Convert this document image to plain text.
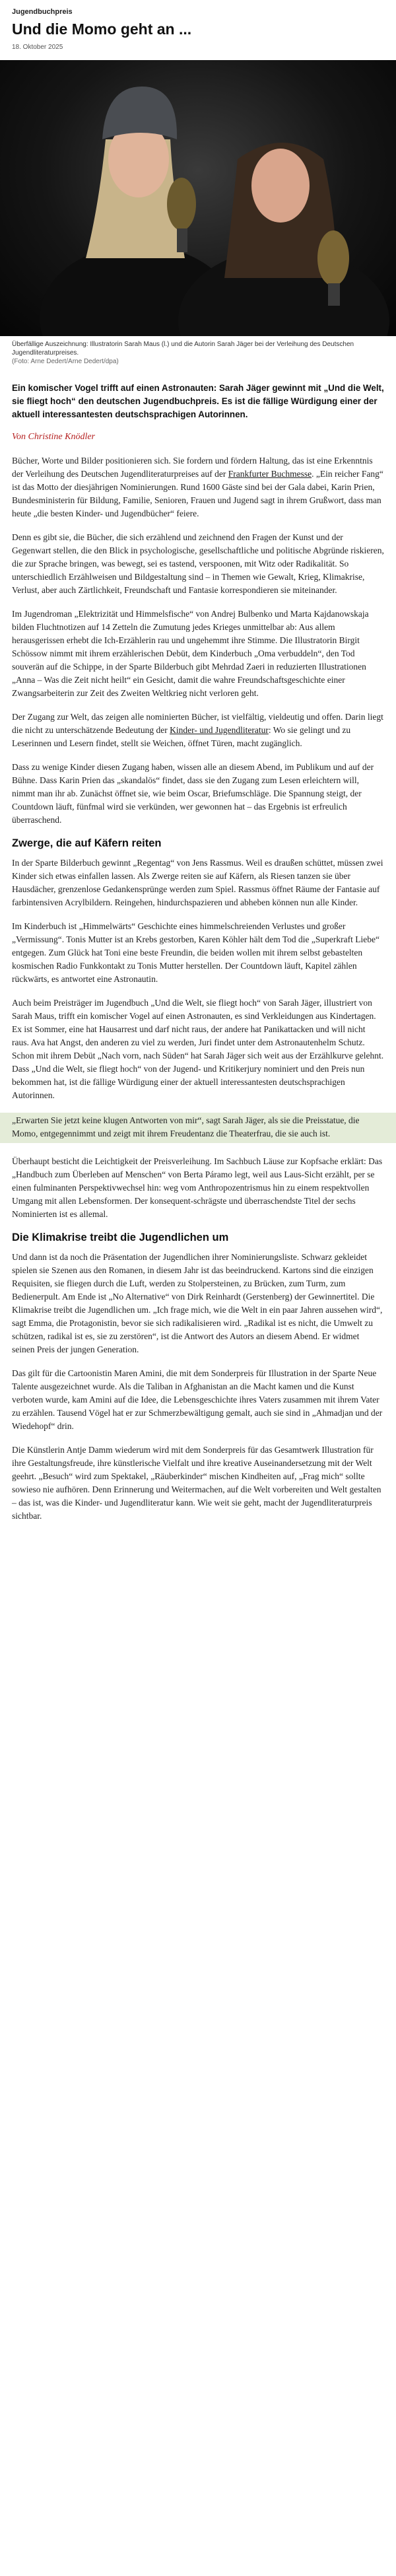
Jugendbuchpreis
Und die Momo geht an ...
18. Oktober 2025
Überfällige Auszeichnung: Illustratorin Sarah Maus (l.) und die Autorin Sarah Jäger bei der Verleihung des Deutschen Jugendliteraturpreises.
(Foto: Arne Dedert/Arne Dedert/dpa)

Ein komischer Vogel trifft auf einen Astronauten: Sarah Jäger gewinnt mit „Und die Welt, sie fliegt hoch“ den deutschen Jugendbuchpreis. Es ist die fällige Würdigung einer der aktuell interessantesten deutschsprachigen Autorinnen.

Von Christine Knödler

Bücher, Worte und Bilder positionieren sich. Sie fordern und fördern Haltung, das ist eine Erkenntnis der Verleihung des Deutschen Jugendliteraturpreises auf der Frankfurter Buchmesse. „Ein reicher Fang“ ist das Motto der diesjährigen Nominierungen. Rund 1600 Gäste sind bei der Gala dabei, Karin Prien, Bundesministerin für Bildung, Familie, Senioren, Frauen und Jugend sagt in ihrem Grußwort, dass man heute „die besten Kinder- und Jugendbücher“ feiere.

Denn es gibt sie, die Bücher, die sich erzählend und zeichnend den Fragen der Kunst und der Gegenwart stellen, die den Blick in psychologische, gesellschaftliche und politische Abgründe riskieren, die zur Sprache bringen, was bewegt, sei es tastend, verspoonen, mit Witz oder Radikalität. So unterschiedlich Erzählweisen und Bildgestaltung sind – in Themen wie Gewalt, Krieg, Klimakrise, Verlust, aber auch Zärtlichkeit, Freundschaft und Fantasie korrespondieren sie miteinander.

Im Jugendroman „Elektrizität und Himmelsfische“ von Andrej Bulbenko und Marta Kajdanowskaja bilden Fluchtnotizen auf 14 Zetteln die Zumutung jedes Krieges unmittelbar ab: Aus allem herausgerissen erhebt die Ich-Erzählerin rau und ungehemmt ihre Stimme. Die Illustratorin Birgit Schössow nimmt mit ihrem erzählerischen Debüt, dem Kinderbuch „Oma verbuddeln“, den Tod souverän auf die Schippe, in der Sparte Bilderbuch gibt Mehrdad Zaeri in reduzierten Illustrationen „Anna – Was die Zeit nicht heilt“ ein Gesicht, damit die wahre Freundschaftsgeschichte einer Zwangsarbeiterin zur Zeit des Zweiten Weltkrieg nicht verloren geht.

Der Zugang zur Welt, das zeigen alle nominierten Bücher, ist vielfältig, vieldeutig und offen. Darin liegt die nicht zu unterschätzende Bedeutung der Kinder- und Jugendliteratur: Wo sie gelingt und zu Leserinnen und Lesern findet, stellt sie Weichen, öffnet Türen, macht zugänglich.

Dass zu wenige Kinder diesen Zugang haben, wissen alle an diesem Abend, im Publikum und auf der Bühne. Dass Karin Prien das „skandalös“ findet, dass sie den Zugang zum Lesen erleichtern will, nimmt man ihr ab. Zunächst öffnet sie, wie beim Oscar, Briefumschläge. Die Spannung steigt, der Countdown läuft, fünfmal wird sie verkünden, wer gewonnen hat – das Ergebnis ist erfreulich überraschend.

Zwerge, die auf Käfern reiten

In der Sparte Bilderbuch gewinnt „Regentag“ von Jens Rassmus. Weil es draußen schüttet, müssen zwei Kinder sich etwas einfallen lassen. Als Zwerge reiten sie auf Käfern, als Riesen tanzen sie über Hausdächer, grenzenlose Gedankensprünge werden zum Spiel. Rassmus öffnet Räume der Fantasie auf farbintensiven Acrylbildern. Reingehen, hindurchspazieren und abheben können nun alle Kinder.

Im Kinderbuch ist „Himmelwärts“ Geschichte eines himmelschreienden Verlustes und großer „Vermissung“. Tonis Mutter ist an Krebs gestorben, Karen Köhler hält dem Tod die „Superkraft Liebe“ entgegen. Zum Glück hat Toni eine beste Freundin, die beiden wollen mit ihrem selbst gebastelten kosmischen Radio Funkkontakt zu Tonis Mutter herstellen. Der Countdown läuft, Kapitel zählen rückwärts, es antwortet eine Astronautin.

Auch beim Preisträger im Jugendbuch „Und die Welt, sie fliegt hoch“ von Sarah Jäger, illustriert von Sarah Maus, trifft ein komischer Vogel auf einen Astronauten, es sind Verkleidungen aus Kindertagen. Ex ist Sommer, eine hat Hausarrest und darf nicht raus, der andere hat Panikattacken und will nicht raus. Ava hat Angst, den anderen zu viel zu werden, Juri findet unter dem Astronautenhelm Schutz. Schon mit ihrem Debüt „Nach vorn, nach Süden“ hat Sarah Jäger sich weit aus der Erzählkurve gelehnt. Dass „Und die Welt, sie fliegt hoch“ von der Jugend- und Kritikerjury nominiert und den Preis nun bekommen hat, ist die fällige Würdigung einer der aktuell interessantesten deutschsprachigen Autorinnen.

„Erwarten Sie jetzt keine klugen Antworten von mir“, sagt Sarah Jäger, als sie die Preisstatue, die Momo, entgegennimmt und zeigt mit ihrem Freudentanz die Theaterfrau, die sie auch ist.

Überhaupt besticht die Leichtigkeit der Preisverleihung. Im Sachbuch Läuse zur Kopfsache erklärt: Das „Handbuch zum Überleben auf Menschen“ von Berta Páramo legt, weil aus Laus-Sicht erzählt, per se einen fulminanten Perspektivwechsel hin: weg vom Anthropozentrismus hin zu einem respektvollen Umgang mit allen Lebensformen. Der konsequent-schrägste und überraschendste Titel der sechs Nominierten ist es allemal.

Die Klimakrise treibt die Jugendlichen um

Und dann ist da noch die Präsentation der Jugendlichen ihrer Nominierungsliste. Schwarz gekleidet spielen sie Szenen aus den Romanen, in diesem Jahr ist das beeindruckend. Kartons sind die einzigen Requisiten, sie fliegen durch die Luft, werden zu Stolpersteinen, zu Brücken, zum Turm, zum Bedienerpult. Am Ende ist „No Alternative“ von Dirk Reinhardt (Gerstenberg) der Gewinnertitel. Die Klimakrise treibt die Jugendlichen um. „Ich frage mich, wie die Welt in ein paar Jahren aussehen wird“, sagt Emma, die Protagonistin, bevor sie sich radikalisieren wird. „Radikal ist es nicht, die Umwelt zu schützen, radikal ist es, sie zu zerstören“, ist die Antwort des Autors an diesem Abend. Er widmet seinen Preis der jungen Generation.

Das gilt für die Cartoonistin Maren Amini, die mit dem Sonderpreis für Illustration in der Sparte Neue Talente ausgezeichnet wurde. Als die Taliban in Afghanistan an die Macht kamen und die Kunst verboten wurde, kam Amini auf die Idee, die Lebensgeschichte ihres Vaters zusammen mit ihrem Vater zu erzählen. Tausend Vögel hat er zur Schmerzbewältigung gemalt, auch sie sind in „Ahmadjan und der Wiedehopf“ drin.

Die Künstlerin Antje Damm wiederum wird mit dem Sonderpreis für das Gesamtwerk Illustration für ihre Gestaltungsfreude, ihre künstlerische Vielfalt und ihre kreative Auseinandersetzung mit der Welt geehrt. „Besuch“ wird zum Spektakel, „Räuberkinder“ mischen Kindheiten auf, „Frag mich“ sollte sowieso nie aufhören. Denn Erinnerung und Weitermachen, auf die Welt vorbereiten und Welt gestalten – das ist, was die Kinder- und Jugendliteratur kann. Wie weit sie geht, macht der Jugendliteraturpreis sichtbar.
